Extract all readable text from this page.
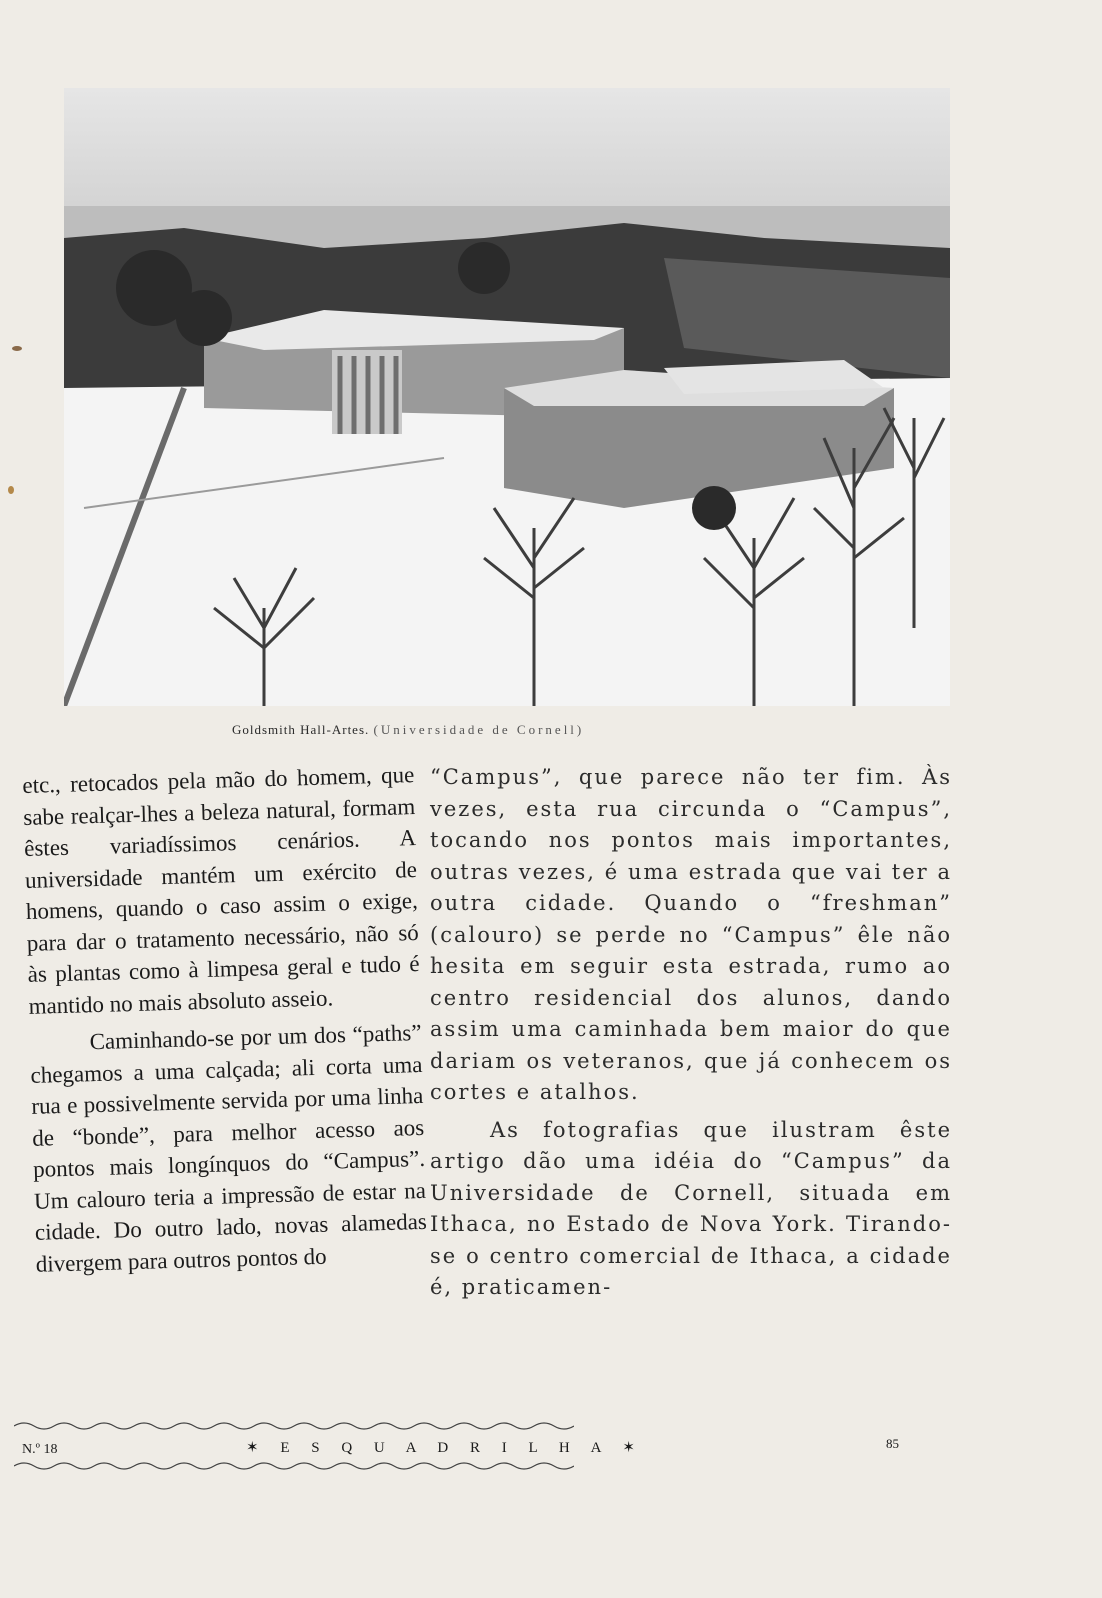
Goldsmith Hall-Artes. (Universidade de Cornell)

etc., retocados pela mão do homem, que sabe realçar-lhes a beleza natural, formam êstes variadíssimos cenários. A universidade mantém um exército de homens, quando o caso assim o exige, para dar o tratamento necessário, não só às plantas como à limpesa geral e tudo é mantido no mais absoluto asseio.

Caminhando-se por um dos “paths” chegamos a uma calçada; ali corta uma rua e possivelmente servida por uma linha de “bonde”, para melhor acesso aos pontos mais longínquos do “Campus”. Um calouro teria a impressão de estar na cidade. Do outro lado, novas alamedas divergem para outros pontos do

“Campus”, que parece não ter fim. Às vezes, esta rua circunda o “Campus”, tocando nos pontos mais importantes, outras vezes, é uma estrada que vai ter a outra cidade. Quando o “freshman” (calouro) se perde no “Campus” êle não hesita em seguir esta estrada, rumo ao centro residencial dos alunos, dando assim uma caminhada bem maior do que dariam os veteranos, que já conhecem os cortes e atalhos.

As fotografias que ilustram êste artigo dão uma idéia do “Campus” da Universidade de Cornell, situada em Ithaca, no Estado de Nova York. Tirando-se o centro comercial de Ithaca, a cidade é, praticamen-

N.º 18	✶ E S Q U A D R I L H A ✶	85
